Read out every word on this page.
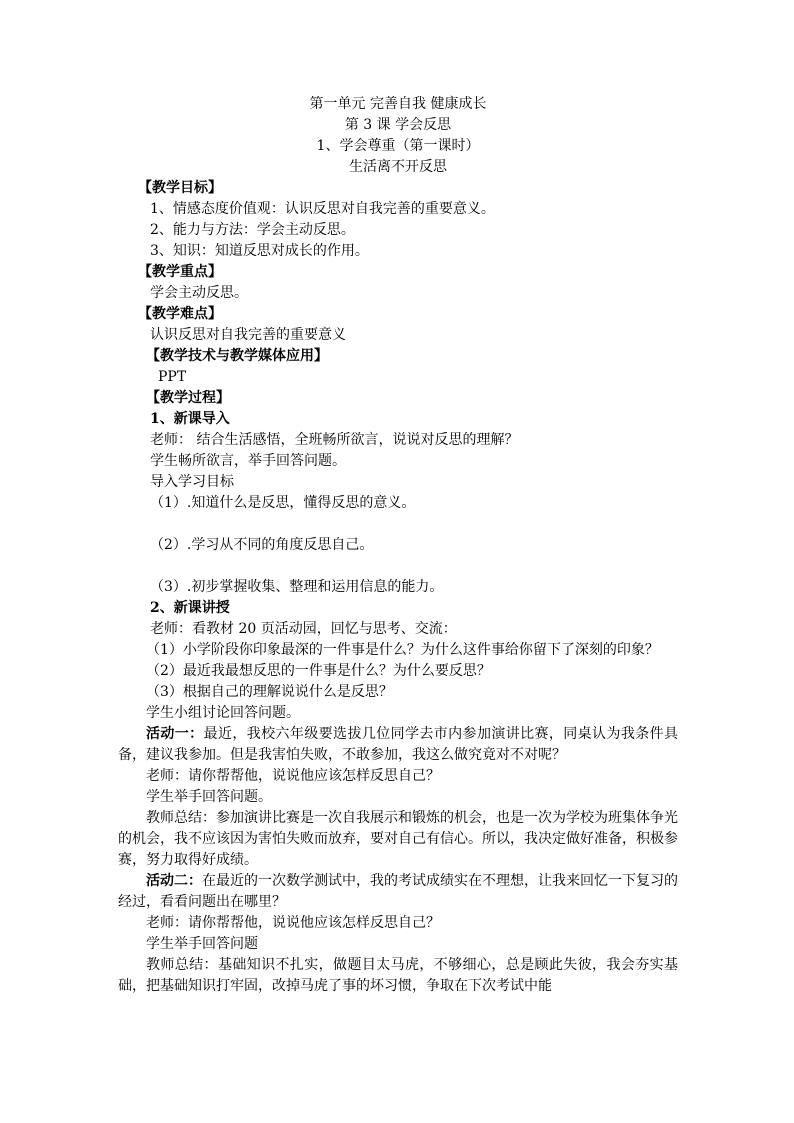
第一单元 完善自我 健康成长
第 3 课 学会反思
1、学会尊重（第一课时）
生活离不开反思
【教学目标】
1、情感态度价值观：认识反思对自我完善的重要意义。
2、能力与方法：学会主动反思。
3、知识：知道反思对成长的作用。
【教学重点】
学会主动反思。
【教学难点】
认识反思对自我完善的重要意义
【教学技术与教学媒体应用】
PPT
【教学过程】
1、新课导入
老师： 结合生活感悟，全班畅所欲言，说说对反思的理解？
学生畅所欲言，举手回答问题。
导入学习目标
（1）.知道什么是反思，懂得反思的意义。
（2）.学习从不同的角度反思自己。
（3）.初步掌握收集、整理和运用信息的能力。
2、新课讲授
老师：看教材 20 页活动园，回忆与思考、交流：
（1）小学阶段你印象最深的一件事是什么？为什么这件事给你留下了深刻的印象？
（2）最近我最想反思的一件事是什么？为什么要反思？
（3）根据自己的理解说说什么是反思？
学生小组讨论回答问题。
活动一：最近，我校六年级要选拔几位同学去市内参加演讲比赛，同桌认为我条件具备，建议我参加。但是我害怕失败，不敢参加，我这么做究竟对不对呢？
老师：请你帮帮他，说说他应该怎样反思自己？
学生举手回答问题。
教师总结：参加演讲比赛是一次自我展示和锻炼的机会，也是一次为学校为班集体争光的机会，我不应该因为害怕失败而放弃，要对自己有信心。所以，我决定做好准备，积极参赛，努力取得好成绩。
活动二：在最近的一次数学测试中，我的考试成绩实在不理想，让我来回忆一下复习的经过，看看问题出在哪里？
老师：请你帮帮他，说说他应该怎样反思自己？
学生举手回答问题
教师总结：基础知识不扎实，做题目太马虎，不够细心，总是顾此失彼，我会夯实基础，把基础知识打牢固，改掉马虎了事的坏习惯，争取在下次考试中能
